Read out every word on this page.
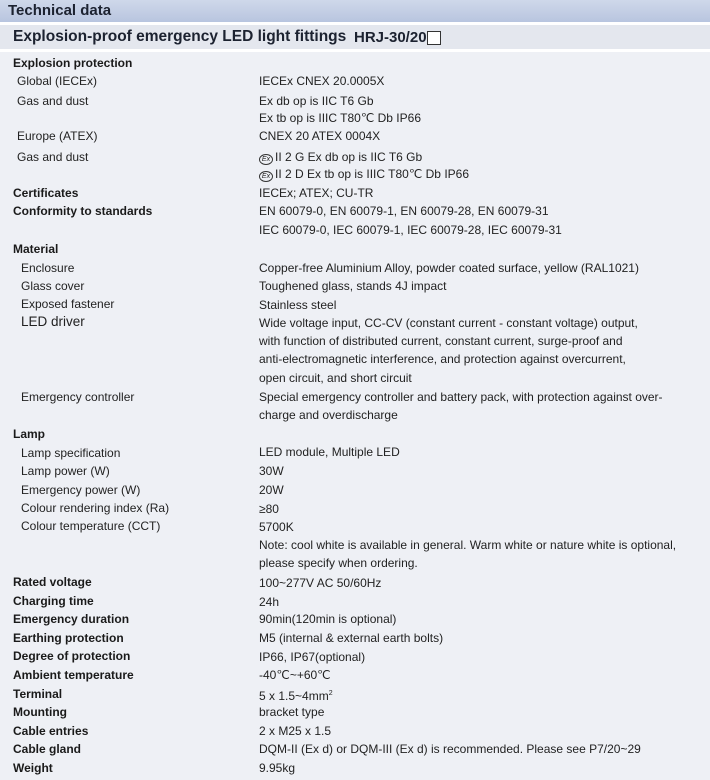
Technical data
Explosion-proof emergency LED light fittings HRJ-30/20
Explosion protection
Global (IECEx)	IECEx CNEX 20.0005X
Gas and dust	Ex db op is IIC T6 Gb
Ex tb op is IIIC T80℃ Db IP66
Europe (ATEX)	CNEX 20 ATEX 0004X
Gas and dust	Ex II 2 G Ex db op is IIC T6 Gb
Ex II 2 D Ex tb op is IIIC T80℃ Db IP66
Certificates	IECEx; ATEX; CU-TR
Conformity to standards	EN 60079-0, EN 60079-1, EN 60079-28, EN 60079-31
IEC 60079-0, IEC 60079-1, IEC 60079-28, IEC 60079-31
Material
Enclosure	Copper-free Aluminium Alloy, powder coated surface, yellow (RAL1021)
Glass cover	Toughened glass, stands 4J impact
Exposed fastener	Stainless steel
LED driver	Wide voltage input, CC-CV (constant current - constant voltage) output,
with function of distributed current, constant current, surge-proof and
anti-electromagnetic interference, and protection against overcurrent,
open circuit, and short circuit
Emergency controller	Special emergency controller and battery pack, with protection against over-
charge and overdischarge
Lamp
Lamp specification	LED module, Multiple LED
Lamp power (W)	30W
Emergency power (W)	20W
Colour rendering index (Ra)	≥80
Colour temperature (CCT)	5700K
Note: cool white is available in general. Warm white or nature white is optional,
please specify when ordering.
Rated voltage	100~277V AC 50/60Hz
Charging time	24h
Emergency duration	90min(120min is optional)
Earthing protection	M5 (internal & external earth bolts)
Degree of protection	IP66, IP67(optional)
Ambient temperature	-40℃~+60℃
Terminal	5 x $1.5\sim 4mm^2$
Mounting	bracket type
Cable entries	2 x M25 x 1.5
Cable gland	DQM-II (Ex d) or DQM-III (Ex d) is recommended. Please see P7/20~29
Weight	9.95kg
